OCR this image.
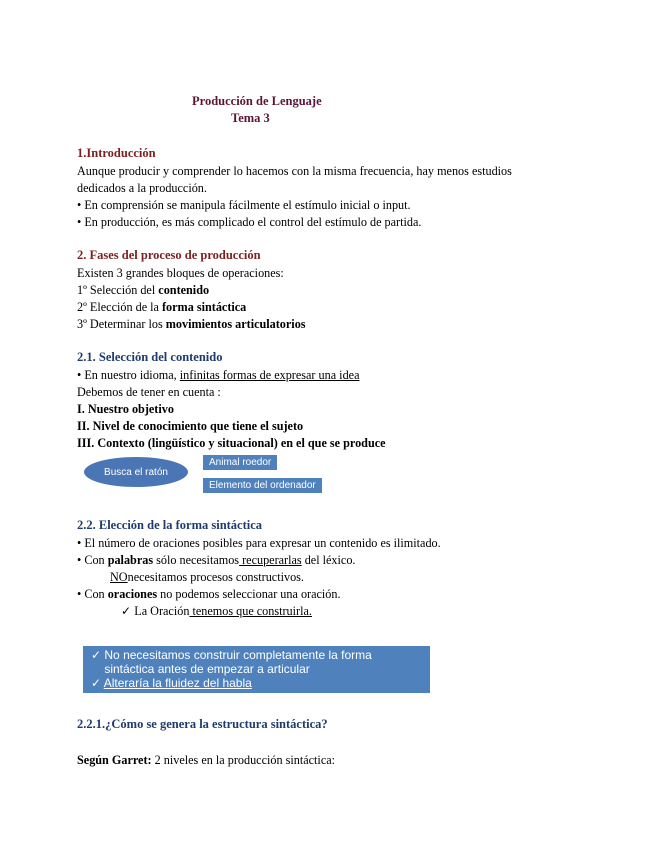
Producción de Lenguaje
Tema 3
1.Introducción
Aunque producir y comprender lo hacemos con la misma frecuencia, hay menos estudios
dedicados a la producción.
• En comprensión se manipula fácilmente el estímulo inicial o input.
• En producción, es más complicado el control del estímulo de partida.
2. Fases del proceso de producción
Existen 3 grandes bloques de operaciones:
1º Selección del contenido
2º Elección de la forma sintáctica
3º Determinar los movimientos articulatorios
2.1. Selección del contenido
• En nuestro idioma, infinitas formas de expresar una idea
Debemos de tener en cuenta :
I. Nuestro objetivo
II. Nivel de conocimiento que tiene el sujeto
III. Contexto (lingüístico y situacional) en el que se produce
Busca el ratón
Animal roedor
Elemento del ordenador
2.2. Elección de la forma sintáctica
• El número de oraciones posibles para expresar un contenido es ilimitado.
• Con palabras sólo necesitamos recuperarlas del léxico.
NOnecesitamos procesos constructivos.
• Con oraciones no podemos seleccionar una oración.
✓ La Oración tenemos que construirla.
✓ No necesitamos construir completamente la forma
sintáctica antes de empezar a articular
✓ Alteraría la fluidez del habla
2.2.1.¿Cómo se genera la estructura sintáctica?
Según Garret: 2 niveles en la producción sintáctica:
